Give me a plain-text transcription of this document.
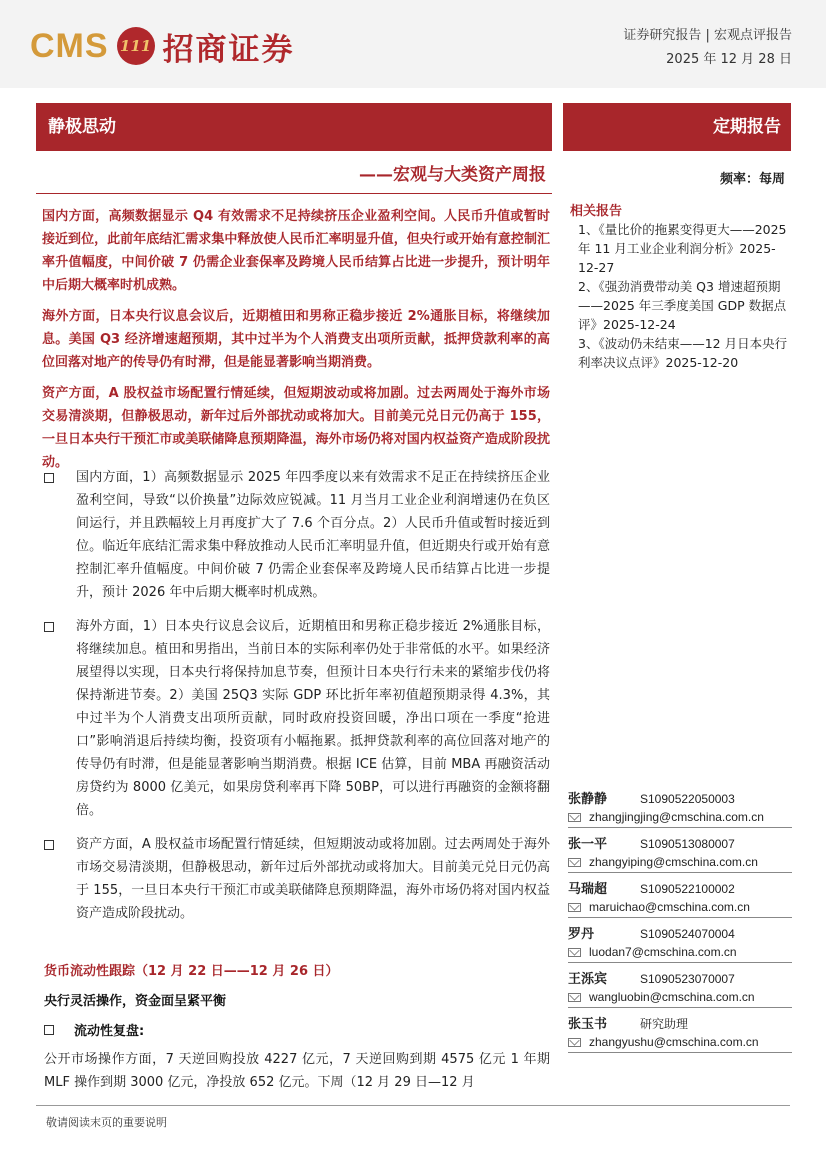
CMS 111 招商证券	证券研究报告 | 宏观点评报告
2025 年 12 月 28 日
静极思动	定期报告
——宏观与大类资产周报	频率：每周

国内方面，高频数据显示 Q4 有效需求不足持续挤压企业盈利空间。人民币升值或暂时接近到位，此前年底结汇需求集中释放使人民币汇率明显升值，但央行或开始有意控制汇率升值幅度，中间价破 7 仍需企业套保率及跨境人民币结算占比进一步提升，预计明年中后期大概率时机成熟。

海外方面，日本央行议息会议后，近期植田和男称正稳步接近 2%通胀目标，将继续加息。美国 Q3 经济增速超预期，其中过半为个人消费支出项所贡献，抵押贷款利率的高位回落对地产的传导仍有时滞，但是能显著影响当期消费。

资产方面，A 股权益市场配置行情延续，但短期波动或将加剧。过去两周处于海外市场交易清淡期，但静极思动，新年过后外部扰动或将加大。目前美元兑日元仍高于 155，一旦日本央行干预汇市或美联储降息预期降温，海外市场仍将对国内权益资产造成阶段扰动。

国内方面，1）高频数据显示 2025 年四季度以来有效需求不足正在持续挤压企业盈利空间，导致“以价换量”边际效应锐减。11 月当月工业企业利润增速仍在负区间运行，并且跌幅较上月再度扩大了 7.6 个百分点。2）人民币升值或暂时接近到位。临近年底结汇需求集中释放推动人民币汇率明显升值，但近期央行或开始有意控制汇率升值幅度。中间价破 7 仍需企业套保率及跨境人民币结算占比进一步提升，预计 2026 年中后期大概率时机成熟。
海外方面，1）日本央行议息会议后，近期植田和男称正稳步接近 2%通胀目标，将继续加息。植田和男指出，当前日本的实际利率仍处于非常低的水平。如果经济展望得以实现，日本央行将保持加息节奏，但预计日本央行行未来的紧缩步伐仍将保持渐进节奏。2）美国 25Q3 实际 GDP 环比折年率初值超预期录得 4.3%，其中过半为个人消费支出项所贡献，同时政府投资回暖，净出口项在一季度“抢进口”影响消退后持续均衡，投资项有小幅拖累。抵押贷款利率的高位回落对地产的传导仍有时滞，但是能显著影响当期消费。根据 ICE 估算，目前 MBA 再融资活动房贷约为 8000 亿美元，如果房贷利率再下降 50BP，可以进行再融资的金额将翻倍。
资产方面，A 股权益市场配置行情延续，但短期波动或将加剧。过去两周处于海外市场交易清淡期，但静极思动，新年过后外部扰动或将加大。目前美元兑日元仍高于 155，一旦日本央行干预汇市或美联储降息预期降温，海外市场仍将对国内权益资产造成阶段扰动。
货币流动性跟踪（12 月 22 日——12 月 26 日）
央行灵活操作，资金面呈紧平衡
流动性复盘:
公开市场操作方面，7 天逆回购投放 4227 亿元，7 天逆回购到期 4575 亿元 1 年期 MLF 操作到期 3000 亿元，净投放 652 亿元。下周（12 月 29 日—12 月
相关报告
1、《量比价的拖累变得更大——2025 年 11 月工业企业利润分析》2025-12-27
2、《强劲消费带动美 Q3 增速超预期——2025 年三季度美国 GDP 数据点评》2025-12-24
3、《波动仍未结束——12 月日本央行利率决议点评》2025-12-20
张静静	S1090522050003
zhangjingjing@cmschina.com.cn
张一平	S1090513080007
zhangyiping@cmschina.com.cn
马瑞超	S1090522100002
maruichao@cmschina.com.cn
罗丹	S1090524070004
luodan7@cmschina.com.cn
王泺宾	S1090523070007
wangluobin@cmschina.com.cn
张玉书	研究助理
zhangyushu@cmschina.com.cn
敬请阅读末页的重要说明
